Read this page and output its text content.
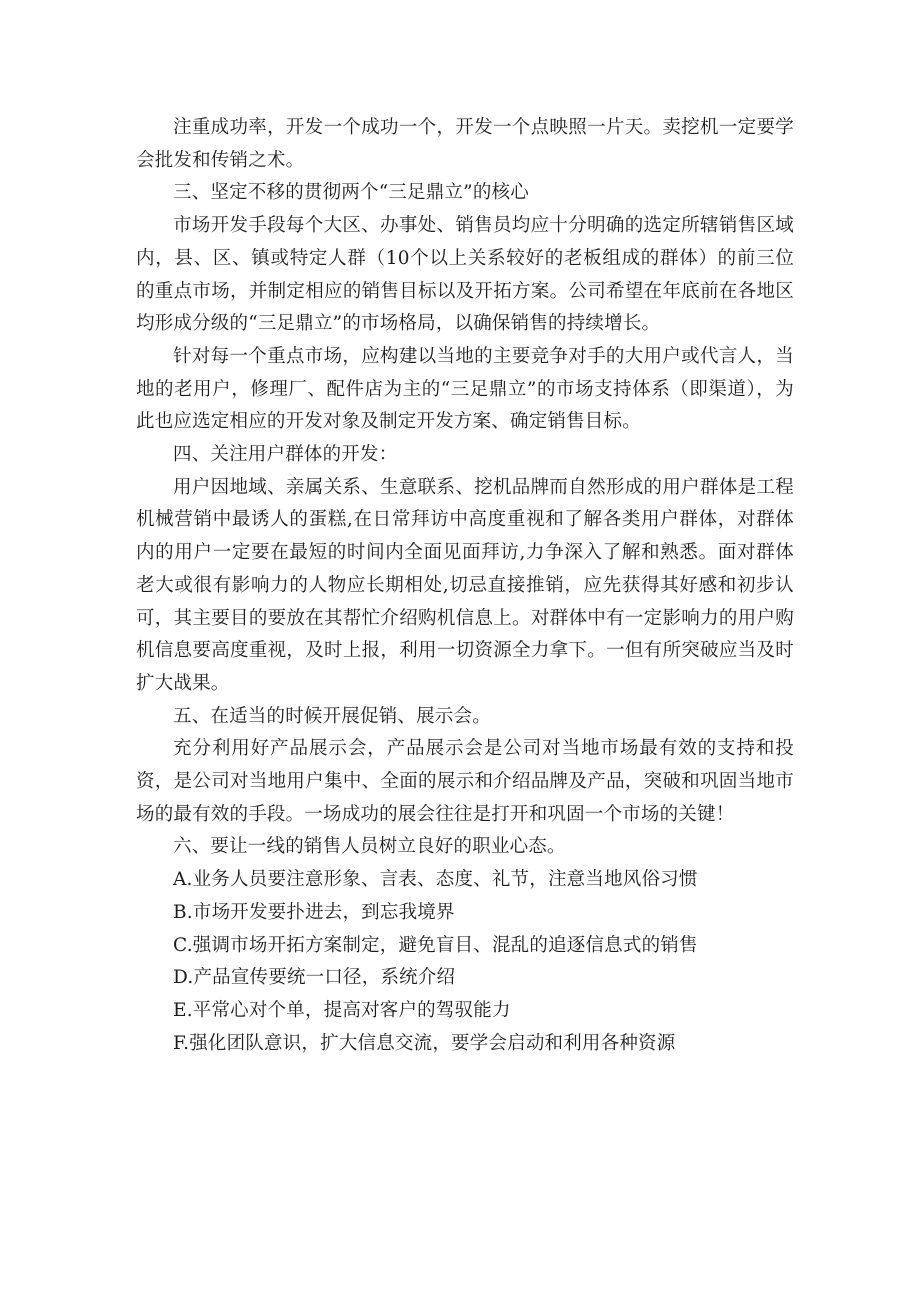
注重成功率，开发一个成功一个，开发一个点映照一片天。卖挖机一定要学会批发和传销之术。

三、坚定不移的贯彻两个“三足鼎立”的核心

市场开发手段每个大区、办事处、销售员均应十分明确的选定所辖销售区域内，县、区、镇或特定人群（10个以上关系较好的老板组成的群体）的前三位的重点市场，并制定相应的销售目标以及开拓方案。公司希望在年底前在各地区均形成分级的“三足鼎立”的市场格局，以确保销售的持续增长。

针对每一个重点市场，应构建以当地的主要竞争对手的大用户或代言人，当地的老用户，修理厂、配件店为主的“三足鼎立”的市场支持体系（即渠道），为此也应选定相应的开发对象及制定开发方案、确定销售目标。

四、关注用户群体的开发：

用户因地域、亲属关系、生意联系、挖机品牌而自然形成的用户群体是工程机械营销中最诱人的蛋糕,在日常拜访中高度重视和了解各类用户群体，对群体内的用户一定要在最短的时间内全面见面拜访,力争深入了解和熟悉。面对群体老大或很有影响力的人物应长期相处,切忌直接推销，应先获得其好感和初步认可，其主要目的要放在其帮忙介绍购机信息上。对群体中有一定影响力的用户购机信息要高度重视，及时上报，利用一切资源全力拿下。一但有所突破应当及时扩大战果。

五、在适当的时候开展促销、展示会。

充分利用好产品展示会，产品展示会是公司对当地市场最有效的支持和投资，是公司对当地用户集中、全面的展示和介绍品牌及产品，突破和巩固当地市场的最有效的手段。一场成功的展会往往是打开和巩固一个市场的关键！

六、要让一线的销售人员树立良好的职业心态。

A.业务人员要注意形象、言表、态度、礼节，注意当地风俗习惯

B.市场开发要扑进去，到忘我境界

C.强调市场开拓方案制定，避免盲目、混乱的追逐信息式的销售

D.产品宣传要统一口径，系统介绍

E.平常心对个单，提高对客户的驾驭能力

F.强化团队意识，扩大信息交流，要学会启动和利用各种资源
